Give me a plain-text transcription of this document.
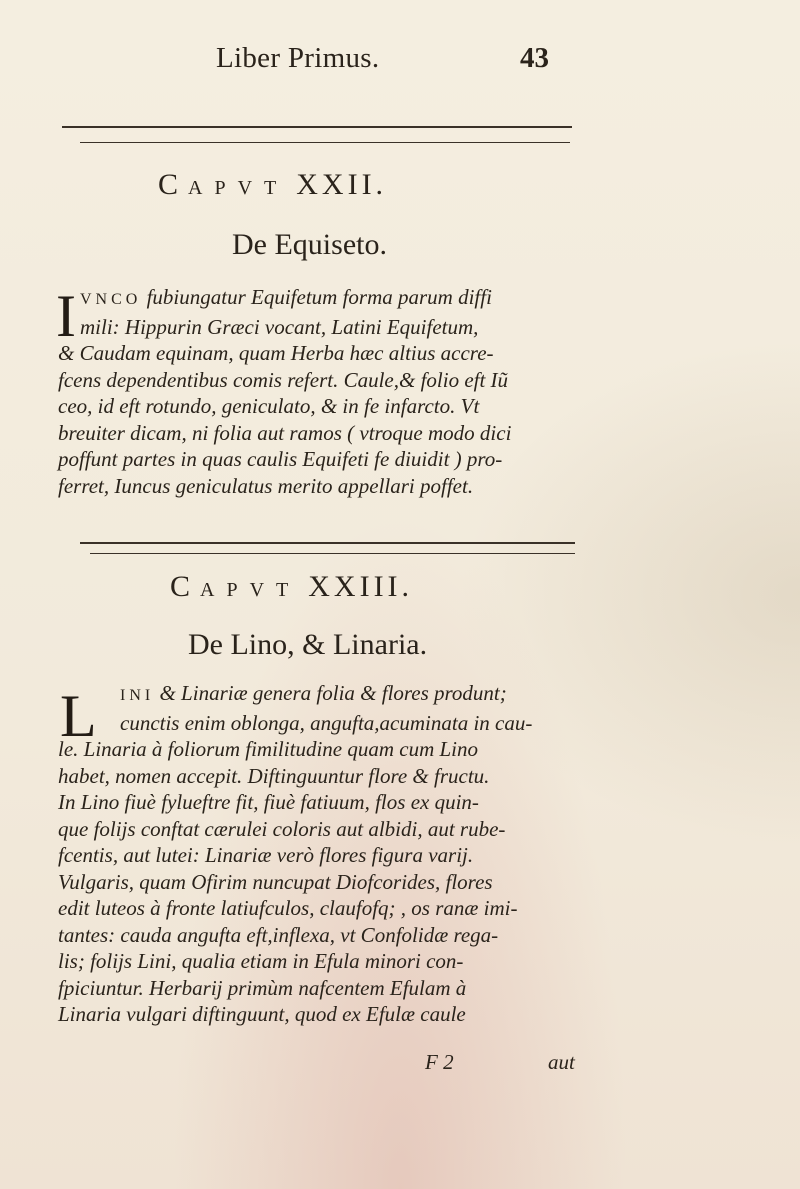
Liber Primus.	43
CAPVT XXII.
De Equiseto.
I VNCO fubiungatur Equifetum forma parum diffi
mili: Hippurin Græci vocant, Latini Equifetum,
& Caudam equinam, quam Herba hæc altius accre-
fcens dependentibus comis refert. Caule,& folio eft Iũ
ceo, id eft rotundo, geniculato, & in fe infarcto. Vt
breuiter dicam, ni folia aut ramos ( vtroque modo dici
poffunt partes in quas caulis Equifeti fe diuidit ) pro-
ferret, Iuncus geniculatus merito appellari poffet.
CAPVT XXIII.
De Lino, & Linaria.
L	INI & Linariæ genera folia & flores produnt;
cunctis enim oblonga, angufta,acuminata in cau-
le. Linaria à foliorum fimilitudine quam cum Lino
habet, nomen accepit. Diftinguuntur flore & fructu.
In Lino fiuè fylueftre fit, fiuè fatiuum, flos ex quin-
que folijs conftat cærulei coloris aut albidi, aut rube-
fcentis, aut lutei: Linariæ verò flores figura varij.
Vulgaris, quam Ofirim nuncupat Diofcorides, flores
edit luteos à fronte latiufculos, claufofq; , os ranæ imi-
tantes: cauda angufta eft,inflexa, vt Confolidæ rega-
lis; folijs Lini, qualia etiam in Efula minori con-
fpiciuntur. Herbarij primùm nafcentem Efulam à
Linaria vulgari diftinguunt, quod ex Efulæ caule
F 2	aut
